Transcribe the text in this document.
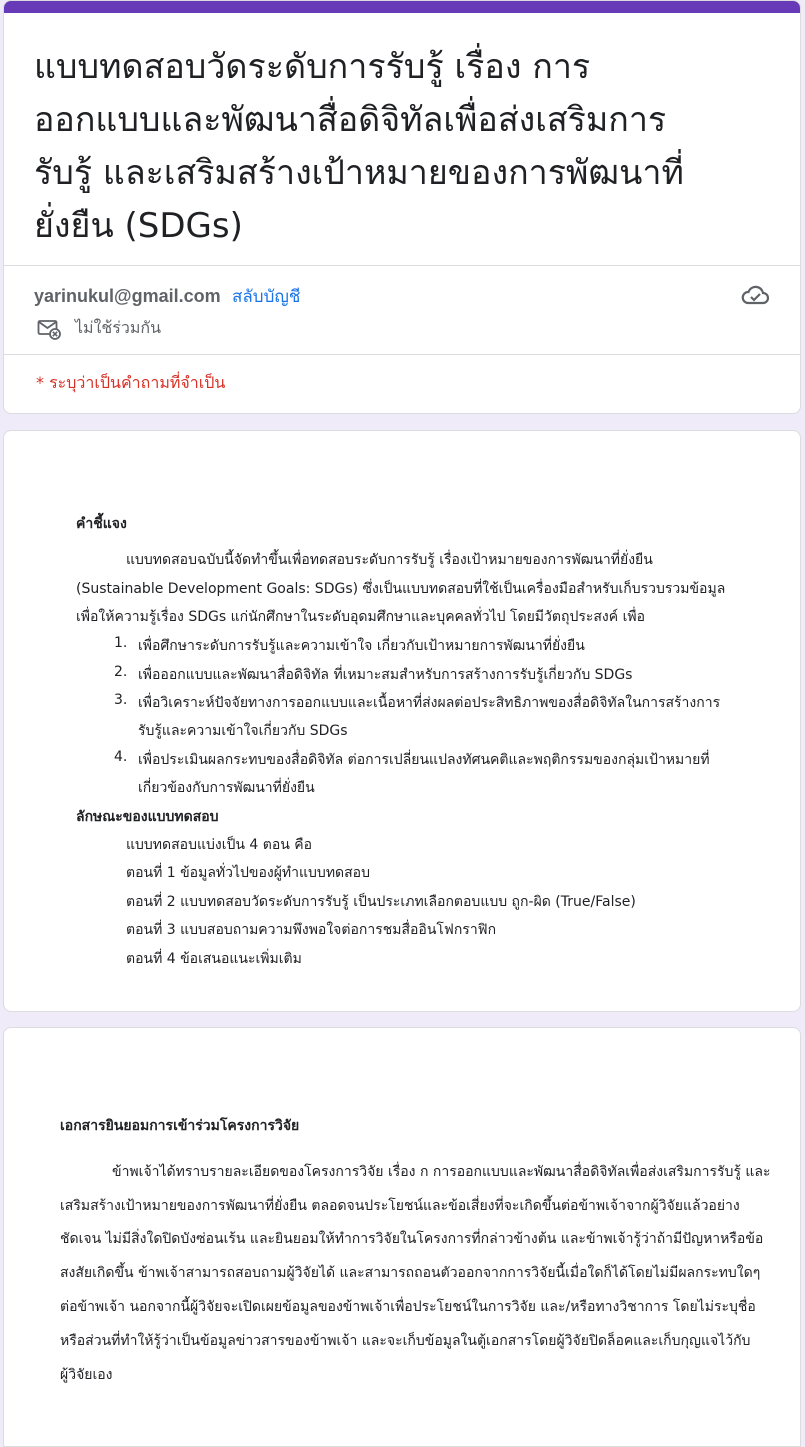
แบบทดสอบวัดระดับการรับรู้ เรื่อง การ
ออกแบบและพัฒนาสื่อดิจิทัลเพื่อส่งเสริมการ
รับรู้ และเสริมสร้างเป้าหมายของการพัฒนาที่
ยั่งยืน (SDGs)
yarinukul@gmail.com สลับบัญชี
ไม่ใช้ร่วมกัน
* ระบุว่าเป็นคำถามที่จำเป็น
คำชี้แจง
แบบทดสอบฉบับนี้จัดทำขึ้นเพื่อทดสอบระดับการรับรู้ เรื่องเป้าหมายของการพัฒนาที่ยั่งยืน
(Sustainable Development Goals: SDGs) ซึ่งเป็นแบบทดสอบที่ใช้เป็นเครื่องมือสำหรับเก็บรวบรวมข้อมูล
เพื่อให้ความรู้เรื่อง SDGs แก่นักศึกษาในระดับอุดมศึกษาและบุคคลทั่วไป โดยมีวัตถุประสงค์ เพื่อ
1. เพื่อศึกษาระดับการรับรู้และความเข้าใจ เกี่ยวกับเป้าหมายการพัฒนาที่ยั่งยืน
2. เพื่อออกแบบและพัฒนาสื่อดิจิทัล ที่เหมาะสมสำหรับการสร้างการรับรู้เกี่ยวกับ SDGs
3. เพื่อวิเคราะห์ปัจจัยทางการออกแบบและเนื้อหาที่ส่งผลต่อประสิทธิภาพของสื่อดิจิทัลในการสร้างการ
รับรู้และความเข้าใจเกี่ยวกับ SDGs
4. เพื่อประเมินผลกระทบของสื่อดิจิทัล ต่อการเปลี่ยนแปลงทัศนคติและพฤติกรรมของกลุ่มเป้าหมายที่
เกี่ยวข้องกับการพัฒนาที่ยั่งยืน
ลักษณะของแบบทดสอบ
แบบทดสอบแบ่งเป็น 4 ตอน คือ
ตอนที่ 1 ข้อมูลทั่วไปของผู้ทำแบบทดสอบ
ตอนที่ 2 แบบทดสอบวัดระดับการรับรู้ เป็นประเภทเลือกตอบแบบ ถูก-ผิด (True/False)
ตอนที่ 3 แบบสอบถามความพึงพอใจต่อการชมสื่ออินโฟกราฟิก
ตอนที่ 4 ข้อเสนอแนะเพิ่มเติม
เอกสารยินยอมการเข้าร่วมโครงการวิจัย
ข้าพเจ้าได้ทราบรายละเอียดของโครงการวิจัย เรื่อง ก การออกแบบและพัฒนาสื่อดิจิทัลเพื่อส่งเสริมการรับรู้ และ
เสริมสร้างเป้าหมายของการพัฒนาที่ยั่งยืน ตลอดจนประโยชน์และข้อเสี่ยงที่จะเกิดขึ้นต่อข้าพเจ้าจากผู้วิจัยแล้วอย่าง
ชัดเจน ไม่มีสิ่งใดปิดบังซ่อนเร้น และยินยอมให้ทำการวิจัยในโครงการที่กล่าวข้างต้น และข้าพเจ้ารู้ว่าถ้ามีปัญหาหรือข้อ
สงสัยเกิดขึ้น ข้าพเจ้าสามารถสอบถามผู้วิจัยได้ และสามารถถอนตัวออกจากการวิจัยนี้เมื่อใดก็ได้โดยไม่มีผลกระทบใดๆ
ต่อข้าพเจ้า นอกจากนี้ผู้วิจัยจะเปิดเผยข้อมูลของข้าพเจ้าเพื่อประโยชน์ในการวิจัย และ/หรือทางวิชาการ โดยไม่ระบุชื่อ
หรือส่วนที่ทำให้รู้ว่าเป็นข้อมูลข่าวสารของข้าพเจ้า และจะเก็บข้อมูลในตู้เอกสารโดยผู้วิจัยปิดล็อคและเก็บกุญแจไว้กับ
ผู้วิจัยเอง
